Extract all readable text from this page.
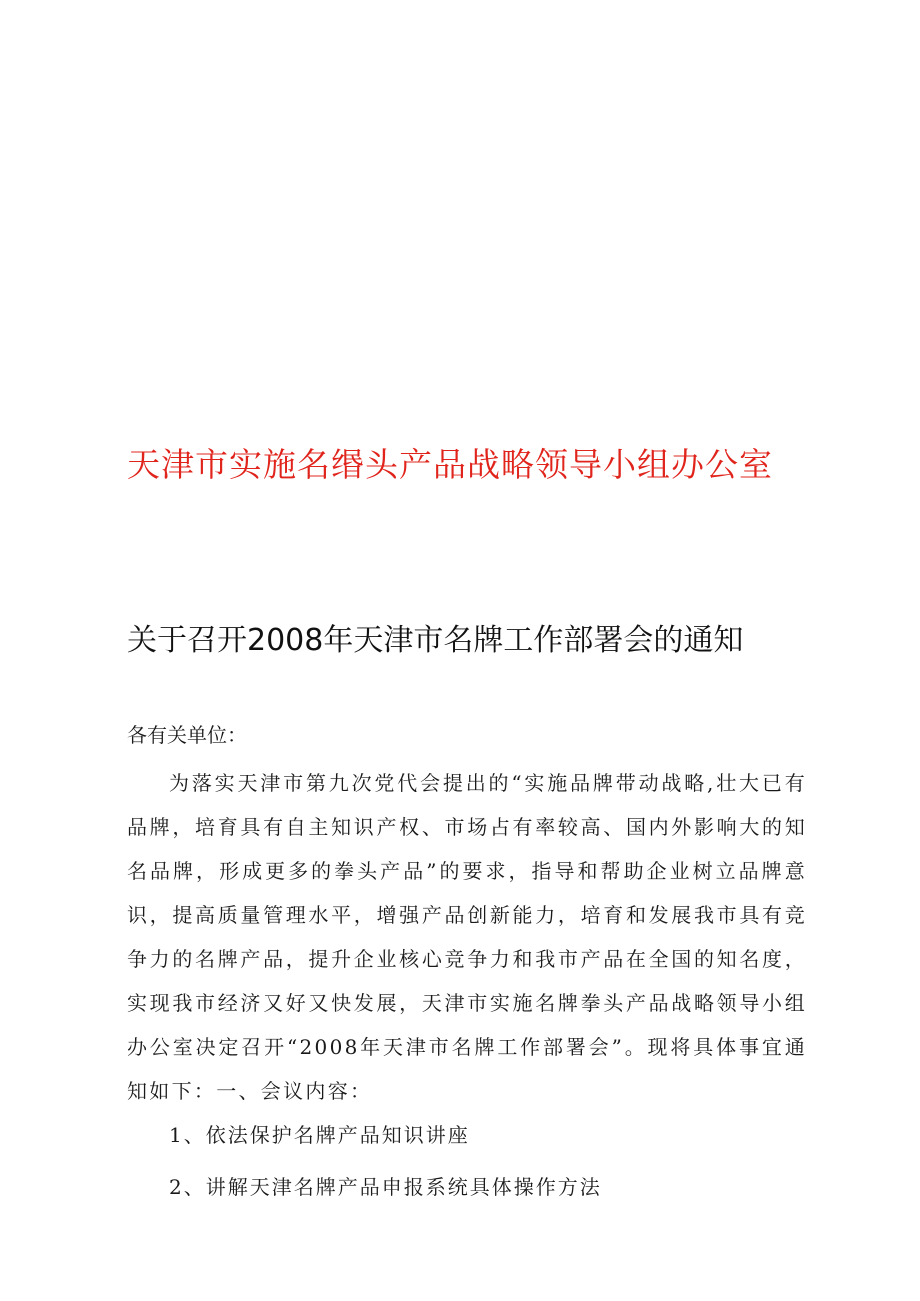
天津市实施名缗头产品战略领导小组办公室
关于召开2008年天津市名牌工作部署会的通知

各有关单位：

为落实天津市第九次党代会提出的“实施品牌带动战略,壮大已有品牌，培育具有自主知识产权、市场占有率较高、国内外影响大的知名品牌，形成更多的拳头产品”的要求，指导和帮助企业树立品牌意识，提高质量管理水平，增强产品创新能力，培育和发展我市具有竞争力的名牌产品，提升企业核心竞争力和我市产品在全国的知名度，实现我市经济又好又快发展，天津市实施名牌拳头产品战略领导小组办公室决定召开“2008年天津市名牌工作部署会”。现将具体事宜通知如下：一、会议内容：

1、依法保护名牌产品知识讲座

2、讲解天津名牌产品申报系统具体操作方法
